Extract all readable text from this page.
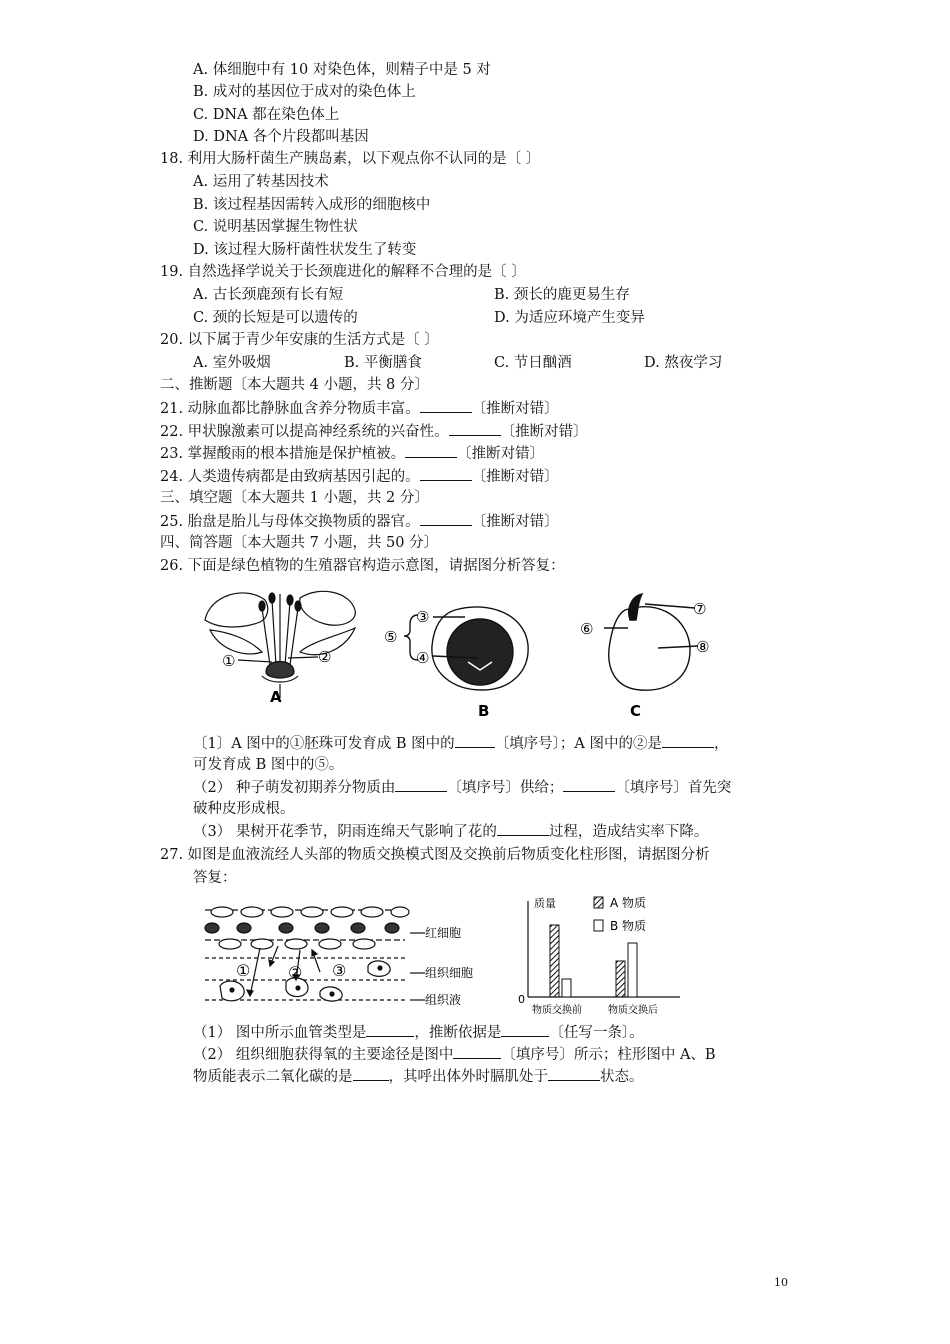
A. 体细胞中有 10 对染色体，则精子中是 5 对
B. 成对的基因位于成对的染色体上
C. DNA 都在染色体上
D. DNA 各个片段都叫基因
18. 利用大肠杆菌生产胰岛素，以下观点你不认同的是〔 〕
A. 运用了转基因技术
B. 该过程基因需转入成形的细胞核中
C. 说明基因掌握生物性状
D. 该过程大肠杆菌性状发生了转变
19. 自然选择学说关于长颈鹿进化的解释不合理的是〔 〕
A. 古长颈鹿颈有长有短	B. 颈长的鹿更易生存
C. 颈的长短是可以遗传的	D. 为适应环境产生变异
20. 以下属于青少年安康的生活方式是〔 〕
A. 室外吸烟	B. 平衡膳食	C. 节日酗酒	D. 熬夜学习
二、推断题〔本大题共 4 小题，共 8 分〕
21. 动脉血都比静脉血含养分物质丰富。	〔推断对错〕
22. 甲状腺激素可以提高神经系统的兴奋性。	〔推断对错〕
23. 掌握酸雨的根本措施是保护植被。	〔推断对错〕
24. 人类遗传病都是由致病基因引起的。	〔推断对错〕
三、填空题〔本大题共 1 小题，共 2 分〕
25. 胎盘是胎儿与母体交换物质的器官。	〔推断对错〕
四、简答题〔本大题共 7 小题，共 50 分〕
26. 下面是绿色植物的生殖器官构造示意图，请据图分析答复：
①	②
A
③
⑤
④
B
⑥
⑦
⑧
C
〔1〕A 图中的①胚珠可发育成 B 图中的	〔填序号〕；A 图中的②是	，
可发育成 B 图中的⑤。
（2） 种子萌发初期养分物质由	〔填序号〕供给；	〔填序号〕首先突
破种皮形成根。
（3） 果树开花季节，阴雨连绵天气影响了花的	过程，造成结实率下降。
27. 如图是血液流经人头部的物质交换模式图及交换前后物质变化柱形图，请据图分析
答复：
① ② ③
红细胞
组织细胞
组织液
质量
0
A 物质
B 物质
物质交换前	物质交换后
（1） 图中所示血管类型是	，推断依据是	〔任写一条〕。
（2） 组织细胞获得氧的主要途径是图中	〔填序号〕所示；柱形图中 A、B
物质能表示二氧化碳的是 ，其呼出体外时膈肌处于	状态。
10
